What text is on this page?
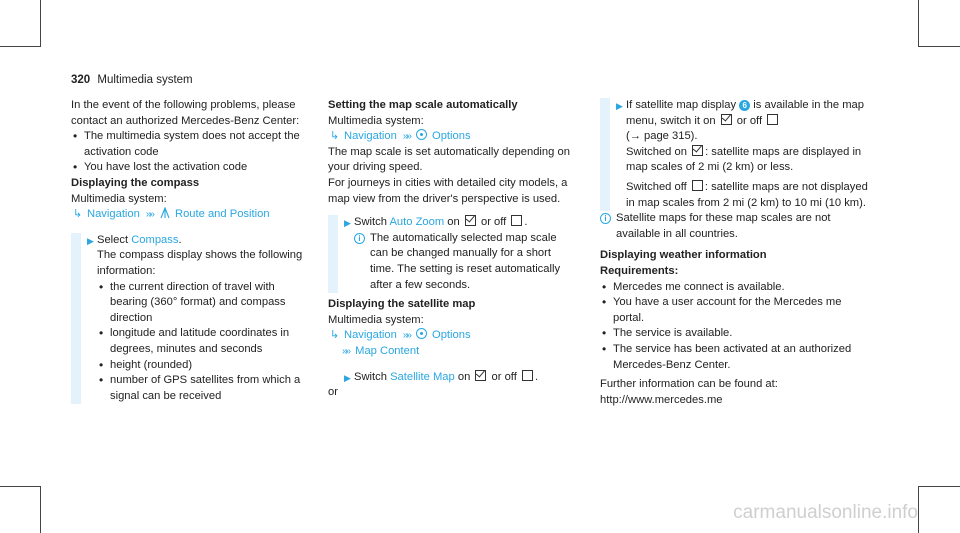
320 Multimedia system

In the event of the following problems, please contact an authorized Mercedes-Benz Center:

• The multimedia system does not accept the activation code
• You have lost the activation code

Displaying the compass

Multimedia system:

↳ Navigation »» Route and Position

▶ Select Compass.

The compass display shows the following information:

• the current direction of travel with bearing (360° format) and compass direction
• longitude and latitude coordinates in degrees, minutes and seconds
• height (rounded)
• number of GPS satellites from which a signal can be received

Setting the map scale automatically

Multimedia system:

↳ Navigation »» Options

The map scale is set automatically depending on your driving speed.

For journeys in cities with detailed city models, a map view from the driver's perspective is used.

▶ Switch Auto Zoom on or off .

i The automatically selected map scale can be changed manually for a short time. The setting is reset automatically after a few seconds.

Displaying the satellite map

Multimedia system:

↳ Navigation »» Options

»» Map Content

▶ Switch Satellite Map on or off .

or

▶ If satellite map display 6 is available in the map menu, switch it on or off

(→ page 315).

Switched on : satellite maps are displayed in map scales of 2 mi (2 km) or less.

Switched off : satellite maps are not displayed in map scales from 2 mi (2 km) to 10 mi (10 km).

i Satellite maps for these map scales are not available in all countries.

Displaying weather information

Requirements:

• Mercedes me connect is available.
• You have a user account for the Mercedes me portal.
• The service is available.
• The service has been activated at an authorized Mercedes-Benz Center.

Further information can be found at: http://www.mercedes.me

carmanualsonline.info
